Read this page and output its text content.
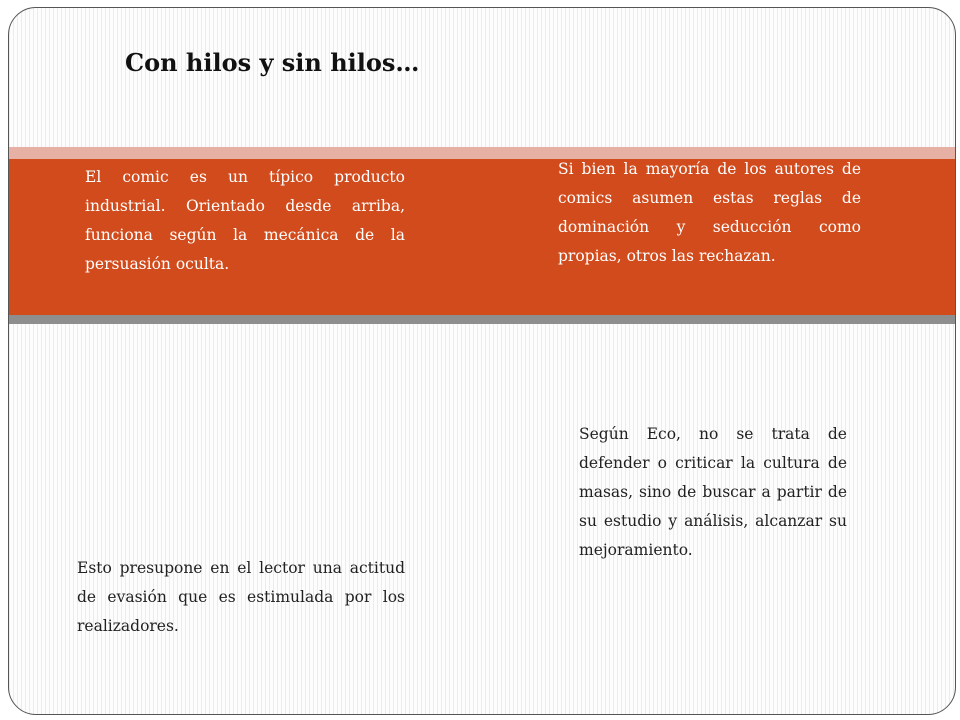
Con hilos y sin hilos…

El comic es un típico producto industrial. Orientado desde arriba, funciona según la mecánica de la persuasión oculta.

Si bien la mayoría de los autores de comics asumen estas reglas de dominación y seducción como propias, otros las rechazan.

Según Eco, no se trata de defender o criticar la cultura de masas, sino de buscar a partir de su estudio y análisis, alcanzar su mejoramiento.

Esto presupone en el lector una actitud de evasión que es estimulada por los realizadores.
